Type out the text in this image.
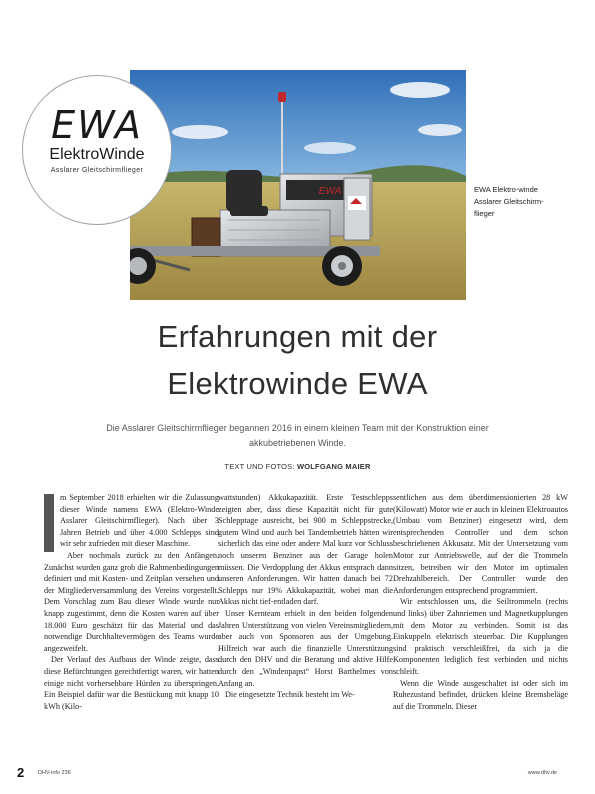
EWA
EWA
ElektroWinde
Asslarer Gleitschirmflieger
EWA Elektro-winde Asslarer Gleitschirm-flieger
Erfahrungen mit der
Elektrowinde EWA
Die Asslarer Gleitschirmflieger begannen 2016 in einem kleinen Team mit der Konstruktion einer akkubetriebenen Winde.
TEXT UND FOTOS: WOLFGANG MAIER

m September 2018 erhielten wir die Zulassung dieser Winde namens EWA (Elektro-Winde Asslarer Gleitschirmflieger). Nach über 3 Jahren Betrieb und über 4.000 Schlepps sind wir sehr zufrieden mit dieser Maschine.

Aber nochmals zurück zu den Anfängen. Zunächst wurden ganz grob die Rahmenbedingungen definiert und mit Kosten- und Zeitplan versehen und der Mitgliederversammlung des Vereins vorgestellt. Dem Vorschlag zum Bau dieser Winde wurde nur knapp zugestimmt, denn die Kosten waren auf über 18.000 Euro geschätzt für das Material und das notwendige Durchhaltevermögen des Teams wurde angezweifelt.

Der Verlauf des Aufbaus der Winde zeigte, dass diese Befürchtungen gerechtfertigt waren, wir hatten einige nicht vorhersehbare Hürden zu überspringen. Ein Beispiel dafür war die Bestückung mit knapp 10 kWh (Kilo-

wattstunden) Akkukapazität. Erste Testschlepps zeigten aber, dass diese Kapazität nicht für gute Schlepptage ausreicht, bei 900 m Schleppstrecke, gutem Wind und auch bei Tandembetrieb hätten wir sicherlich das eine oder andere Mal kurz vor Schluss noch unseren Benziner aus der Garage holen müssen. Die Verdopplung der Akkus entsprach dann unseren Anforderungen. Wir hatten danach bei 72 Schlepps nur 19% Akkukapazität, wobei man die Akkus nicht tief-entladen darf.

Unser Kernteam erhielt in den beiden folgenden Jahren Unterstützung von vielen Vereinsmitgliedern, aber auch von Sponsoren aus der Umgebung. Hilfreich war auch die finanzielle Unterstützung durch den DHV und die Beratung und aktive Hilfe durch den „Windenpapst“ Horst Barthelmes von Anfang an.

Die eingesetzte Technik besteht im We-

sentlichen aus dem überdimensionierten 28 kW (Kilowatt) Motor wie er auch in kleinen Elektroautos (Umbau vom Benziner) eingesetzt wird, dem entsprechenden Controller und dem schon beschriebenen Akkusatz. Mit der Untersetzung vom Motor zur Antriebswelle, auf der die Trommeln sitzen, betreiben wir den Motor im optimalen Drehzahlbereich. Der Controller wurde den Anforderungen entsprechend programmiert.

Wir entschlossen uns, die Seiltrommeln (rechts und links) über Zahnriemen und Magnetkupplungen mit dem Motor zu verbinden. Somit ist das Einkuppeln elektrisch steuerbar. Die Kupplungen sind praktisch verschleißfrei, da sich ja die Komponenten lediglich fest verbinden und nichts schleift.

Wenn die Winde ausgeschaltet ist oder sich im Ruhezustand befindet, drücken kleine Bremsbeläge auf die Trommeln. Dieser

2	DHV-info 236	www.dhv.de
